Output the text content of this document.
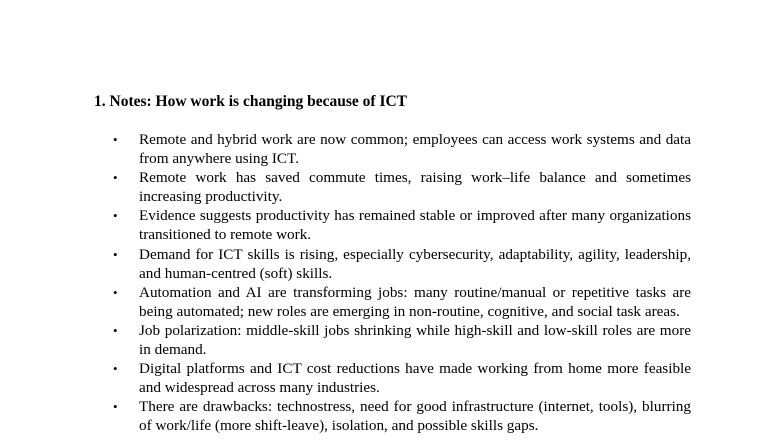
1. Notes: How work is changing because of ICT
• Remote and hybrid work are now common; employees can access work systems and data from anywhere using ICT.
• Remote work has saved commute times, raising work–life balance and sometimes increasing productivity.
• Evidence suggests productivity has remained stable or improved after many organizations transitioned to remote work.
• Demand for ICT skills is rising, especially cybersecurity, adaptability, agility, leadership, and human-centred (soft) skills.
• Automation and AI are transforming jobs: many routine/manual or repetitive tasks are being automated; new roles are emerging in non-routine, cognitive, and social task areas.
• Job polarization: middle-skill jobs shrinking while high-skill and low-skill roles are more in demand.
• Digital platforms and ICT cost reductions have made working from home more feasible and widespread across many industries.
• There are drawbacks: technostress, need for good infrastructure (internet, tools), blurring of work/life (more shift-leave), isolation, and possible skills gaps.
